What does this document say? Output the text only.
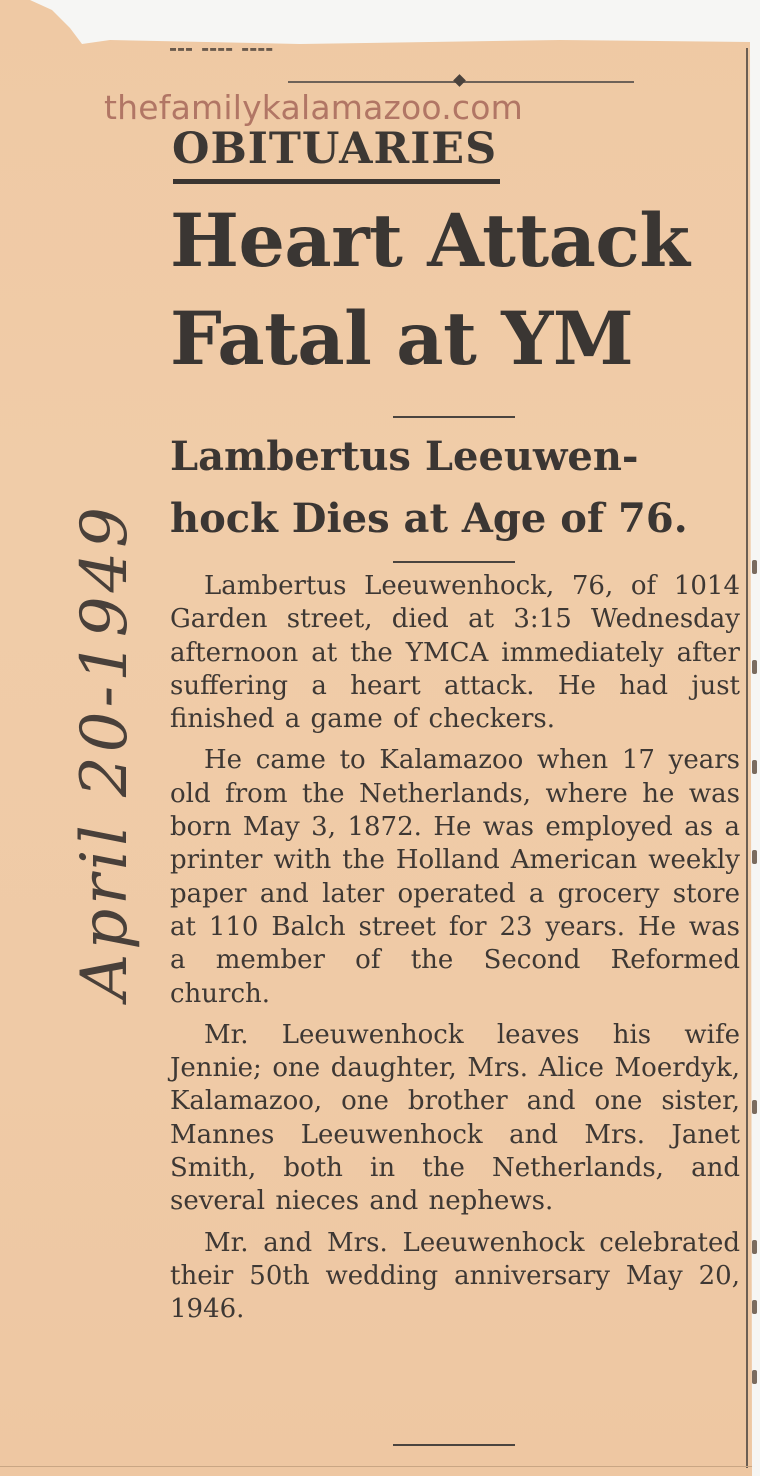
▬▬▬ ▬▬▬▬ ▬▬▬▬
OBITUARIES
thefamilykalamazoo.com
Heart Attack
Fatal at YM
Lambertus Leeuwen-
hock Dies at Age of 76.

Lambertus Leeuwenhock, 76, of 1014 Garden street, died at 3:15 Wednesday afternoon at the YMCA immediately after suffering a heart attack. He had just finished a game of checkers.

He came to Kalamazoo when 17 years old from the Netherlands, where he was born May 3, 1872. He was employed as a printer with the Holland American weekly paper and later operated a grocery store at 110 Balch street for 23 years. He was a member of the Second Reformed church.

Mr. Leeuwenhock leaves his wife Jennie; one daughter, Mrs. Alice Moerdyk, Kalamazoo, one brother and one sister, Mannes Leeuwenhock and Mrs. Janet Smith, both in the Netherlands, and several nieces and nephews.

Mr. and Mrs. Leeuwenhock celebrated their 50th wedding anniversary May 20, 1946.

April 20-1949
